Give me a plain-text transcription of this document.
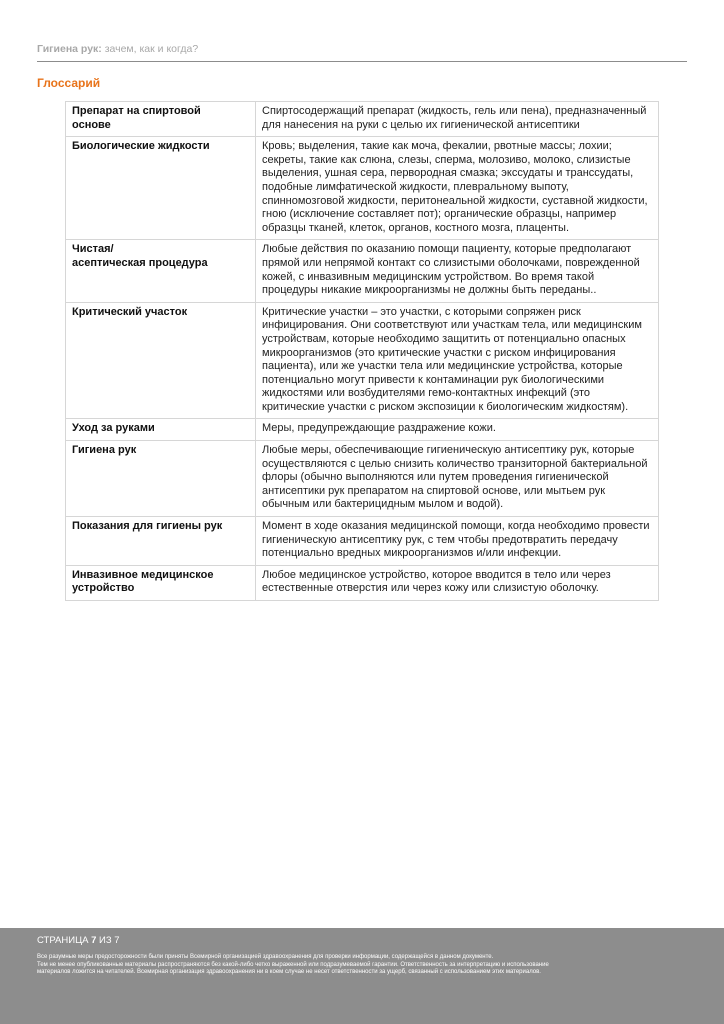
Гигиена рук: зачем, как и когда?
Глоссарий
Препарат на спиртовой
основе	Спиртосодержащий препарат (жидкость, гель или пена), предназначенный для нанесения на руки с целью их гигиенической антисептики

Биологические жидкости	Кровь; выделения, такие как моча, фекалии, рвотные массы; лохии; секреты, такие как слюна, слезы, сперма, молозиво, молоко, слизистые выделения, ушная сера, первородная смазка; экссудаты и транссудаты, подобные лимфатической жидкости, плевральному выпоту, спинномозговой жидкости, перитонеальной жидкости, суставной жидкости, гною (исключение составляет пот); органические образцы, например образцы тканей, клеток, органов, костного мозга, плаценты.

Чистая/
асептическая процедура	Любые действия по оказанию помощи пациенту, которые предполагают прямой или непрямой контакт со слизистыми оболочками, поврежденной кожей, с инвазивным медицинским устройством. Во время такой процедуры никакие микроорганизмы не должны быть переданы..

Критический участок	Критические участки – это участки, с которыми сопряжен риск инфицирования. Они соответствуют или участкам тела, или медицинским устройствам, которые необходимо защитить от потенциально опасных микроорганизмов (это критические участки с риском инфицирования пациента), или же участки тела или медицинские устройства, которые потенциально могут привести к контаминации рук биологическими жидкостями или возбудителями гемо-контактных инфекций (это критические участки с риском экспозиции к биологическим жидкостям).

Уход за руками	Меры, предупреждающие раздражение кожи.

Гигиена рук	Любые меры, обеспечивающие гигиеническую антисептику рук, которые осуществляются с целью снизить количество транзиторной бактериальной флоры (обычно выполняются или путем проведения гигиенической антисептики рук препаратом на спиртовой основе, или мытьем рук обычным или бактерицидным мылом и водой).

Показания для гигиены рук	Момент в ходе оказания медицинской помощи, когда необходимо провести гигиеническую антисептику рук, с тем чтобы предотвратить передачу потенциально вредных микроорганизмов и/или инфекции.

Инвазивное медицинское
устройство	Любое медицинское устройство, которое вводится в тело или через естественные отверстия или через кожу или слизистую оболочку.
СТРАНИЦА 7 ИЗ 7
Все разумные меры предосторожности были приняты Всемирной организацией здравоохранения для проверки информации, содержащейся в данном документе.
Тем не менее опубликованные материалы распространяются без какой-либо четко выраженной или подразумеваемой гарантии. Ответственность за интерпретацию и использование
материалов ложится на читателей. Всемирная организация здравоохранения ни в коем случае не несет ответственности за ущерб, связанный с использованием этих материалов.
